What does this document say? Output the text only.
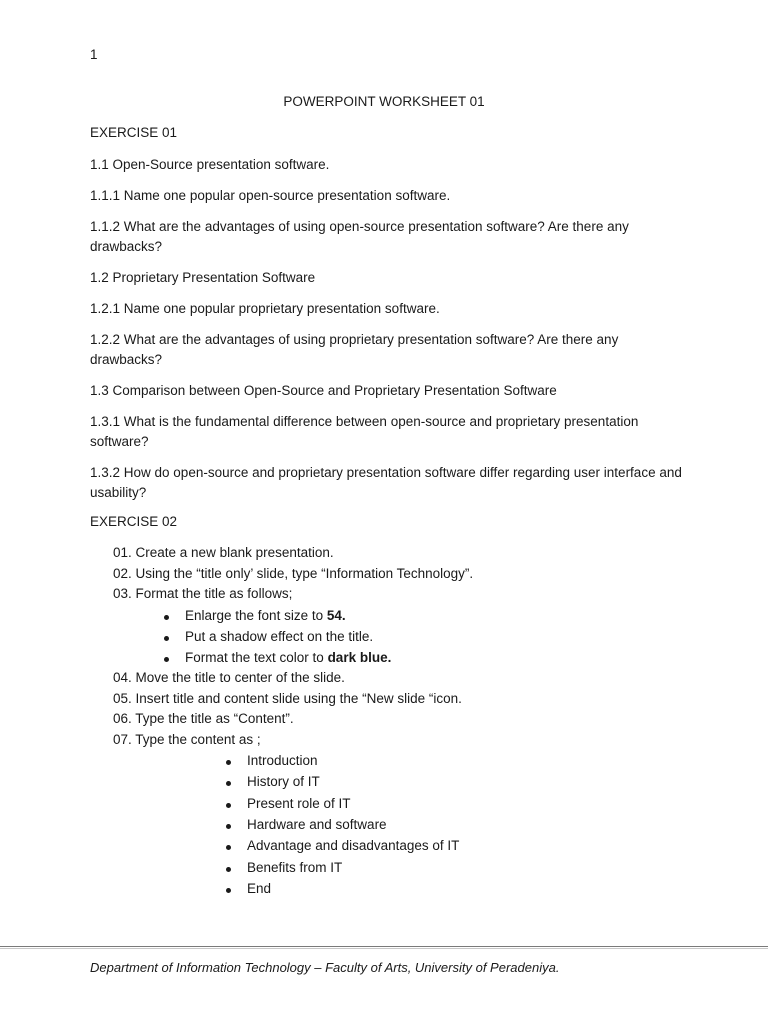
1
POWERPOINT WORKSHEET 01
EXERCISE 01
1.1 Open-Source presentation software.
1.1.1 Name one popular open-source presentation software.
1.1.2 What are the advantages of using open-source presentation software? Are there any drawbacks?
1.2 Proprietary Presentation Software
1.2.1 Name one popular proprietary presentation software.
1.2.2 What are the advantages of using proprietary presentation software? Are there any drawbacks?
1.3 Comparison between Open-Source and Proprietary Presentation Software
1.3.1 What is the fundamental difference between open-source and proprietary presentation software?
1.3.2 How do open-source and proprietary presentation software differ regarding user interface and usability?
EXERCISE 02
01. Create a new blank presentation.
02. Using the “title only’ slide, type “Information Technology”.
03. Format the title as follows;
Enlarge the font size to 54.
Put a shadow effect on the title.
Format the text color to dark blue.
04. Move the title to center of the slide.
05. Insert title and content slide using the “New slide “icon.
06. Type the title as “Content”.
07. Type the content as ;
Introduction
History of IT
Present role of IT
Hardware and software
Advantage and disadvantages of IT
Benefits from IT
End
Department of Information Technology – Faculty of Arts, University of Peradeniya.
